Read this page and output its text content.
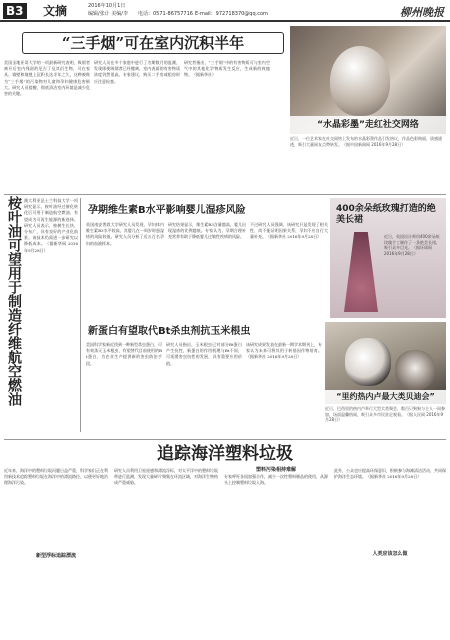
B3 文摘	2016年10月1日
编辑/张计 美编/李 电话：0571-86757716 E-mail：972718370@qq.com	柳州晚报
“三手烟”可在室内沉积半年
美国圣地亚哥大学的一项最新研究表明，吸烟者离开后室内残留的尼古丁及其衍生物，可在家具、墙壁和地毯上沉积长达半年之久，这种被称为“三手烟”的污染物对儿童和孕妇健康危害极大。研究人员提醒，彻底清洁室内环境是减少危害的关键。
研究人员在多个家庭中进行了为期数月的监测，发现即使吸烟者已经搬离，室内表面的有害物质浓度仍然很高。专家建议，购买二手房或租房时应注意检查。
研究者指出，“三手烟”中的有害物质可与室内空气中的其他化学物质发生反应，生成新的致癌物。（据新华社）
“水晶彩墨”走红社交网络
近日，一位艺术家在社交网络上发布的水晶彩墨作品引发热议，作品色彩绚丽，质感通透，吸引大量网友点赞转发。（据中国新闻网 2016年9月28日）
桉叶油可望用于制造纤维航空燃油 澳大利亚昆士兰科技大学一项研究显示，桉叶油经过催化转化后可用于制造航空燃油，有望成为可再生能源的新选择。研究人员表示，桉树生长快、分布广，具有良好的产业化前景。该技术仍需进一步研究以降低成本。（据新华网 2016年9月28日）
孕期维生素B水平影响婴儿湿疹风险
英国南安普敦大学研究人员发现，孕妇体内维生素B3水平较高，其婴儿在一周岁时患湿疹的风险较低。研究人员分析了近五百名孕妇的血液样本。
研究结果显示，维生素B3含量越高，婴儿出现湿疹的比例越低。专家认为，孕期合理补充营养有助于降低婴儿过敏性疾病的风险。
不过研究人员强调，该研究只是发现了相关性，尚不能证明因果关系，孕妇不应自行大量补充。（据新华社 2016年9月28日）
400余朵纸玫瑰打造的绝美长裙
近日，英国设计师用400余朵纸玫瑰手工制作了一条绝美长裙，吸引众多目光。（据环球网 2016年9月28日）
新蛋白有望取代Bt杀虫剂抗玉米根虫
美国科学家新近找到一种新型杀虫蛋白，可有效杀灭玉米根虫，有望替代目前使用的Bt蛋白，为农业生产提供新的害虫防治手段。
研究人员指出，玉米根虫已对部分Bt蛋白产生抗性，新蛋白的作用机理与Bt不同，可延缓害虫抗性的发展，具有重要应用价值。
该研究成果发表在最新一期学术期刊上，专家认为未来可将其用于转基因作物培育。（据新华社 2016年9月28日）
“里约热内卢最大类贝迪会”
近日，巴西里约热内卢举行大型犬类聚会，数百只狗狗与主人一同参加，场面温馨热闹，吸引众多市民驻足观看。（据人民网 2016年9月28日）
追踪海洋塑料垃圾
近年来，海洋中的塑料垃圾问题日益严重，科学家们正在利用新技术追踪塑料垃圾在海洋中的漂流路径，以便更好地治理海洋污染。
新型浮标追踪漂流
研究人员利用卫星遥感和漂流浮标，对太平洋中的塑料垃圾带进行监测，发现大量碎片聚集在环流区域，对海洋生物构成严重威胁。
塑料污染相持难解
专家呼吁各国加强合作，减少一次性塑料制品的使用，从源头上控制塑料垃圾入海。
人类应该怎么做
此外，公众也应提高环保意识，积极参与海滩清洁活动，共同保护海洋生态环境。（据新华社 2016年9月28日）
